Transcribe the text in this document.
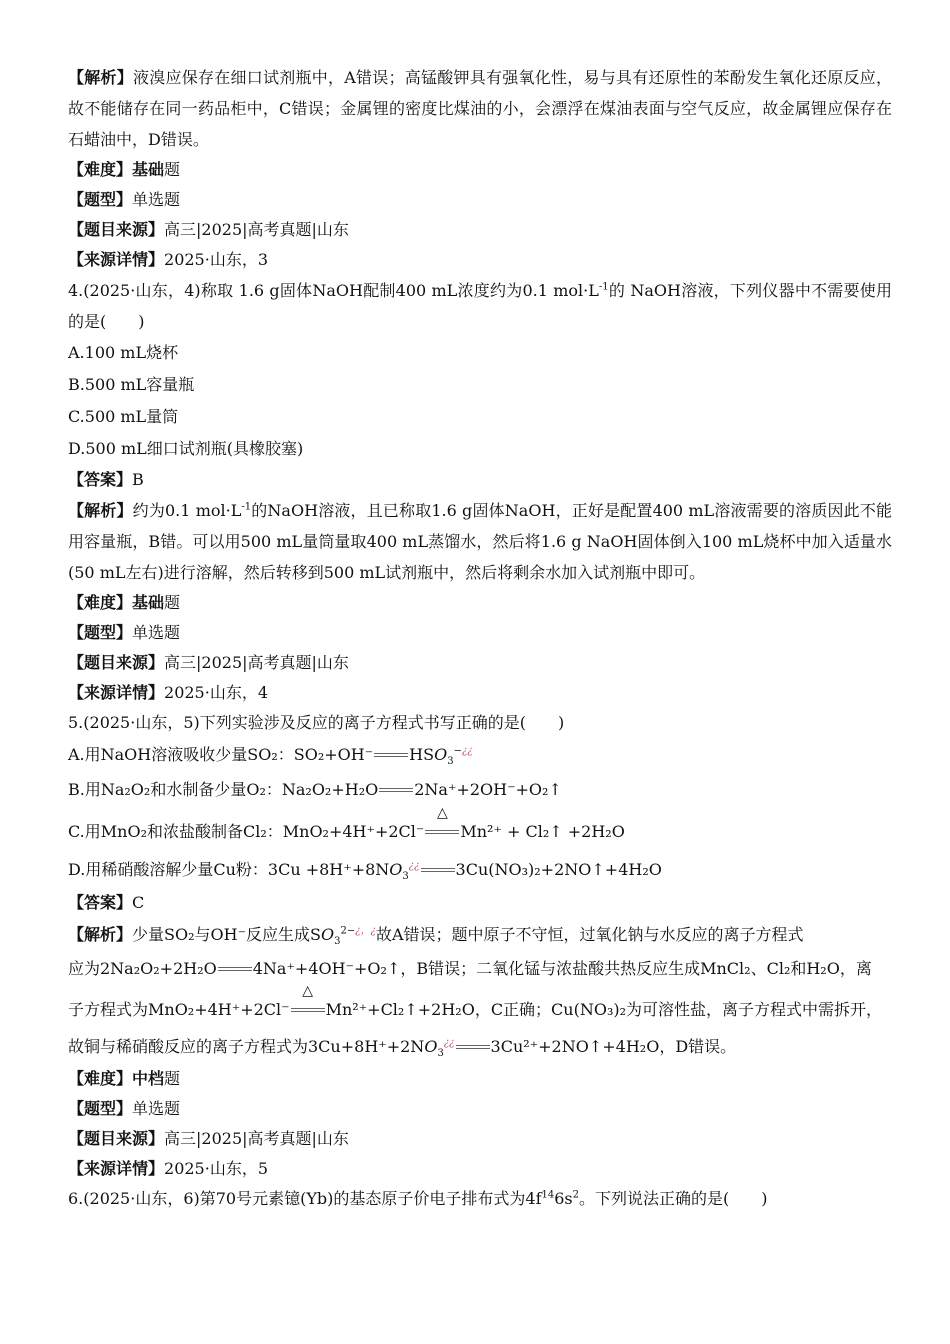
【解析】液溴应保存在细口试剂瓶中，A错误；高锰酸钾具有强氧化性，易与具有还原性的苯酚发生氧化还原反应，故不能储存在同一药品柜中，C错误；金属锂的密度比煤油的小，会漂浮在煤油表面与空气反应，故金属锂应保存在石蜡油中，D错误。

【难度】基础题

【题型】单选题

【题目来源】高三|2025|高考真题|山东

【来源详情】2025·山东，3

4.(2025·山东，4)称取 1.6 g固体NaOH配制400 mL浓度约为0.1 $mol\cdot L^{-1}$的 NaOH溶液，下列仪器中不需要使用的是(　　)

A.100 mL烧杯

B.500 mL容量瓶

C.500 mL量筒

D.500 mL细口试剂瓶(具橡胶塞)

【答案】B

【解析】约为0.1 $mol\cdot L^{-1}$的NaOH溶液，且已称取1.6 g固体NaOH，正好是配置400 mL溶液需要的溶质因此不能用容量瓶，B错。可以用500 mL量筒量取400 mL蒸馏水，然后将1.6 g NaOH固体倒入100 mL烧杯中加入适量水(50 mL左右)进行溶解，然后转移到500 mL试剂瓶中，然后将剩余水加入试剂瓶中即可。

【难度】基础题

【题型】单选题

【题目来源】高三|2025|高考真题|山东

【来源详情】2025·山东，4

5.(2025·山东，5)下列实验涉及反应的离子方程式书写正确的是(　　)

A.用NaOH溶液吸收少量SO₂：SO₂+OH⁻ $HSO_3^{-¿¿}$

B.用Na₂O₂和水制备少量O₂：Na₂O₂+H₂O 2Na⁺+2OH⁻+O₂↑

C.用MnO₂和浓盐酸制备Cl₂：MnO₂+4H⁺+2Cl⁻
△
Mn²⁺ + Cl₂↑ +2H₂O

D.用稀硝酸溶解少量Cu粉：$3Cu +8H^++8NO_3^{¿¿}$ 3Cu(NO₃)₂+2NO↑+4H₂O

【答案】C

【解析】少量SO₂与OH⁻反应生成$SO_3^{2-¿,¿}$故A错误；题中原子不守恒，过氧化钠与水反应的离子方程式
应为2Na₂O₂+2H₂O 4Na⁺+4OH⁻+O₂↑，B错误；二氧化锰与浓盐酸共热反应生成MnCl₂、Cl₂和H₂O，离
子方程式为MnO₂+4H⁺+2Cl⁻
△
Mn²⁺+Cl₂↑+2H₂O，C正确；Cu(NO₃)₂为可溶性盐，离子方程式中需拆开，
故铜与稀硝酸反应的离子方程式为$3Cu+8H^++2NO_3^{¿¿}$ 3Cu²⁺+2NO↑+4H₂O，D错误。

【难度】中档题

【题型】单选题

【题目来源】高三|2025|高考真题|山东

【来源详情】2025·山东，5

6.(2025·山东，6)第70号元素镱(Yb)的基态原子价电子排布式为$4f^{14}6s^2$。下列说法正确的是(　　)
